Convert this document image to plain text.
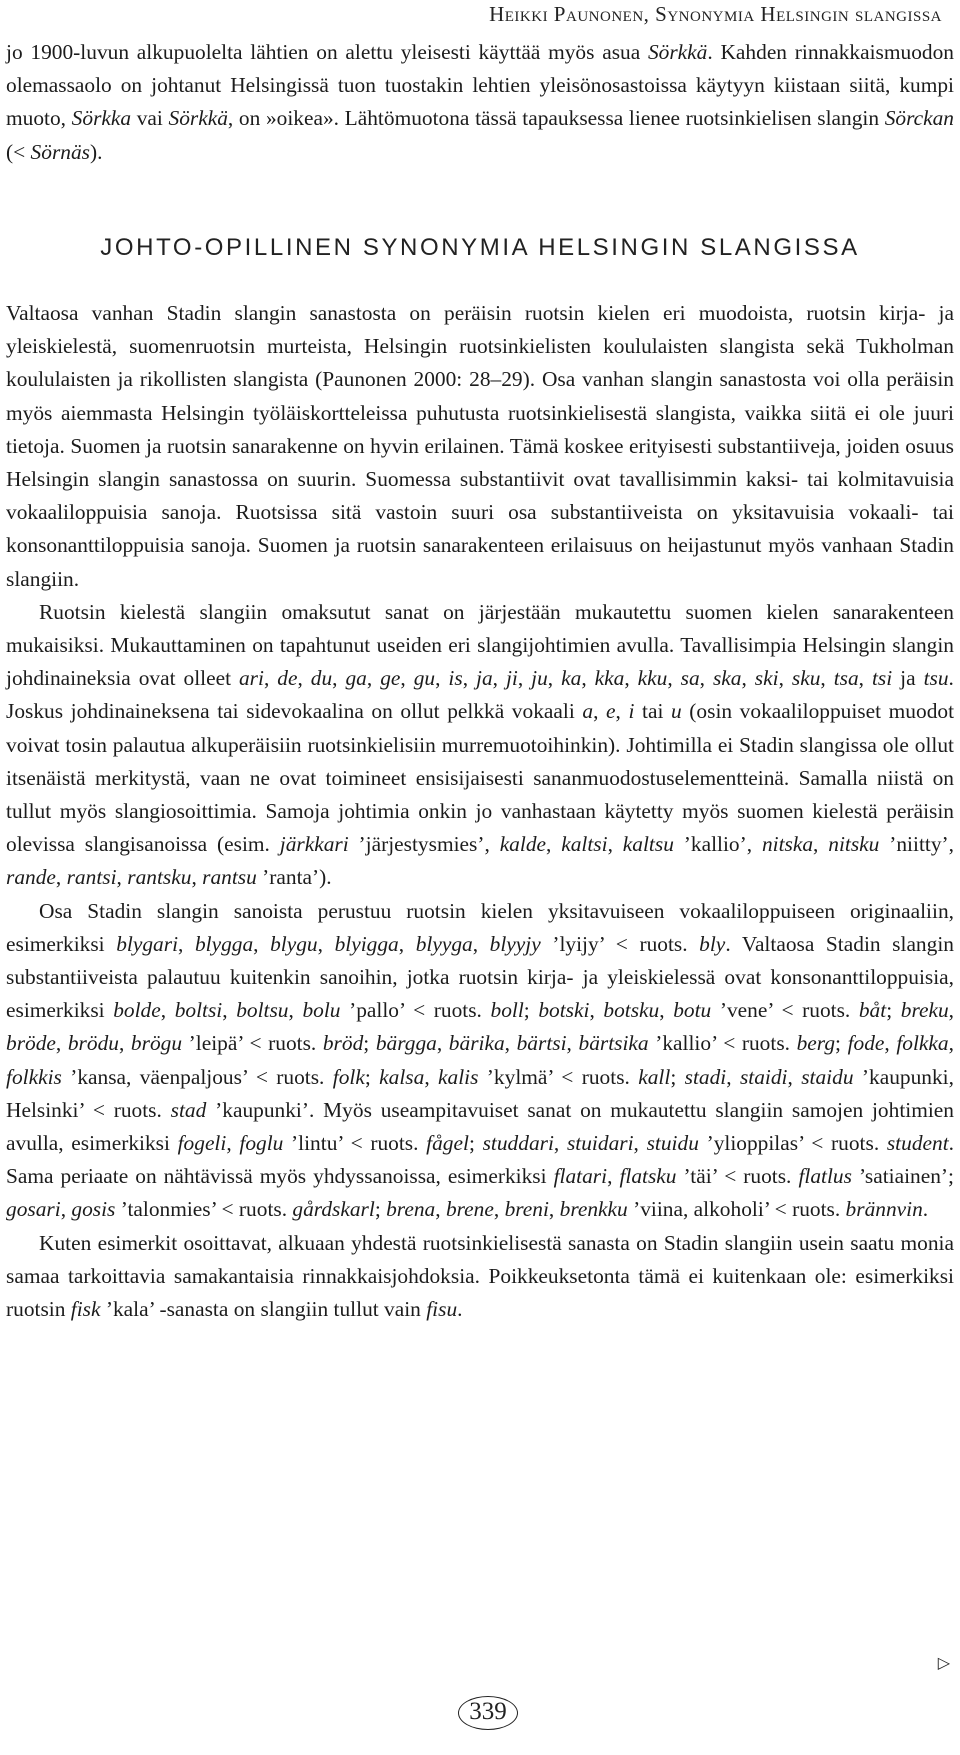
Heikki Paunonen, Synonymia Helsingin slangissa

jo 1900-luvun alkupuolelta lähtien on alettu yleisesti käyttää myös asua Sörkkä. Kahden rinnakkaismuodon olemassaolo on johtanut Helsingissä tuon tuostakin lehtien yleisönosastoissa käytyyn kiistaan siitä, kumpi muoto, Sörkka vai Sörkkä, on »oikea». Lähtömuotona tässä tapauksessa lienee ruotsinkielisen slangin Sörckan (< Sörnäs).

JOHTO-OPILLINEN SYNONYMIA HELSINGIN SLANGISSA

Valtaosa vanhan Stadin slangin sanastosta on peräisin ruotsin kielen eri muodoista, ruotsin kirja- ja yleiskielestä, suomenruotsin murteista, Helsingin ruotsinkielisten koululaisten slangista sekä Tukholman koululaisten ja rikollisten slangista (Paunonen 2000: 28–29). Osa vanhan slangin sanastosta voi olla peräisin myös aiemmasta Helsingin työläiskortteleissa puhutusta ruotsinkielisestä slangista, vaikka siitä ei ole juuri tietoja. Suomen ja ruotsin sanarakenne on hyvin erilainen. Tämä koskee erityisesti substantiiveja, joiden osuus Helsingin slangin sanastossa on suurin. Suomessa substantiivit ovat tavallisimmin kaksi- tai kolmitavuisia vokaaliloppuisia sanoja. Ruotsissa sitä vastoin suuri osa substantiiveista on yksitavuisia vokaali- tai konsonanttiloppuisia sanoja. Suomen ja ruotsin sanarakenteen erilaisuus on heijastunut myös vanhaan Stadin slangiin.

Ruotsin kielestä slangiin omaksutut sanat on järjestään mukautettu suomen kielen sanarakenteen mukaisiksi. Mukauttaminen on tapahtunut useiden eri slangijohtimien avulla. Tavallisimpia Helsingin slangin johdinaineksia ovat olleet ari, de, du, ga, ge, gu, is, ja, ji, ju, ka, kka, kku, sa, ska, ski, sku, tsa, tsi ja tsu. Joskus johdinaineksena tai sidevokaalina on ollut pelkkä vokaali a, e, i tai u (osin vokaaliloppuiset muodot voivat tosin palautua alkuperäisiin ruotsinkielisiin murremuotoihinkin). Johtimilla ei Stadin slangissa ole ollut itsenäistä merkitystä, vaan ne ovat toimineet ensisijaisesti sananmuodostuselementteinä. Samalla niistä on tullut myös slangiosoittimia. Samoja johtimia onkin jo vanhastaan käytetty myös suomen kielestä peräisin olevissa slangisanoissa (esim. järkkari ’järjestysmies’, kalde, kaltsi, kaltsu ’kallio’, nitska, nitsku ’niitty’, rande, rantsi, rantsku, rantsu ’ranta’).

Osa Stadin slangin sanoista perustuu ruotsin kielen yksitavuiseen vokaaliloppuiseen originaaliin, esimerkiksi blygari, blygga, blygu, blyigga, blyyga, blyyjy ’lyijy’ < ruots. bly. Valtaosa Stadin slangin substantiiveista palautuu kuitenkin sanoihin, jotka ruotsin kirja- ja yleiskielessä ovat konsonanttiloppuisia, esimerkiksi bolde, boltsi, boltsu, bolu ’pallo’ < ruots. boll; botski, botsku, botu ’vene’ < ruots. båt; breku, bröde, brödu, brögu ’leipä’ < ruots. bröd; bärgga, bärika, bärtsi, bärtsika ’kallio’ < ruots. berg; fode, folkka, folkkis ’kansa, väenpaljous’ < ruots. folk; kalsa, kalis ’kylmä’ < ruots. kall; stadi, staidi, staidu ’kaupunki, Helsinki’ < ruots. stad ’kaupunki’. Myös useampitavuiset sanat on mukautettu slangiin samojen johtimien avulla, esimerkiksi fogeli, foglu ’lintu’ < ruots. fågel; studdari, stuidari, stuidu ’ylioppilas’ < ruots. student. Sama periaate on nähtävissä myös yhdyssanoissa, esimerkiksi flatari, flatsku ’täi’ < ruots. flatlus ’satiainen’; gosari, gosis ’talonmies’ < ruots. gårdskarl; brena, brene, breni, brenkku ’viina, alkoholi’ < ruots. brännvin.

Kuten esimerkit osoittavat, alkuaan yhdestä ruotsinkielisestä sanasta on Stadin slangiin usein saatu monia samaa tarkoittavia samakantaisia rinnakkaisjohdoksia. Poikkeuksetonta tämä ei kuitenkaan ole: esimerkiksi ruotsin fisk ’kala’ -sanasta on slangiin tullut vain fisu.

▷
339
